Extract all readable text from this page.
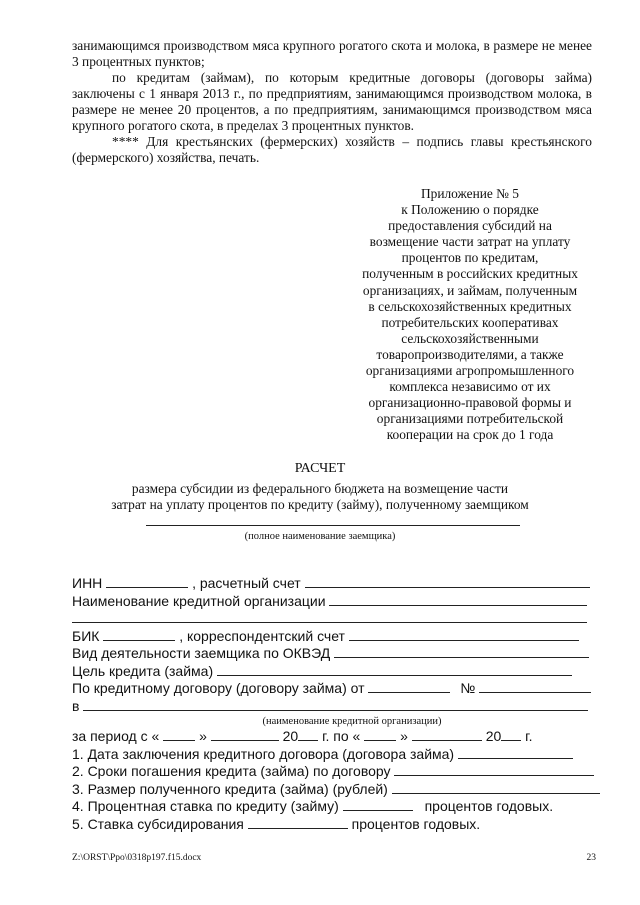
занимающимся производством мяса крупного рогатого скота и молока, в размере не менее 3 процентных пунктов;

по кредитам (займам), по которым кредитные договоры (договоры займа) заключены с 1 января 2013 г., по предприятиям, занимающимся производством молока, в размере не менее 20 процентов, а по предприятиям, занимающимся производством мяса крупного рогатого скота, в пределах 3 процентных пунктов.

**** Для крестьянских (фермерских) хозяйств – подпись главы крестьянского (фермерского) хозяйства, печать.

Приложение № 5
к Положению о порядке
предоставления субсидий на
возмещение части затрат на уплату
процентов по кредитам,
полученным в российских кредитных
организациях, и займам, полученным
в сельскохозяйственных кредитных
потребительских кооперативах
сельскохозяйственными
товаропроизводителями, а также
организациями агропромышленного
комплекса независимо от их
организационно-правовой формы и
организациями потребительской
кооперации на срок до 1 года
РАСЧЕТ
размера субсидии из федерального бюджета на возмещение части
затрат на уплату процентов по кредиту (займу), полученному заемщиком
(полное наименование заемщика)
ИНН	, расчетный счет
Наименование кредитной организации
БИК	, корреспондентский счет
Вид деятельности заемщика по ОКВЭД
Цель кредита (займа)
По кредитному договору (договору займа) от	№
в
(наименование кредитной организации)
за период с «	»	20 г. по «	»	20 г.
1. Дата заключения кредитного договора (договора займа)
2. Сроки погашения кредита (займа) по договору
3. Размер полученного кредита (займа) (рублей)
4. Процентная ставка по кредиту (займу)	процентов годовых.
5. Ставка субсидирования	процентов годовых.
Z:\ORST\Ppo\0318p197.f15.docx	23
